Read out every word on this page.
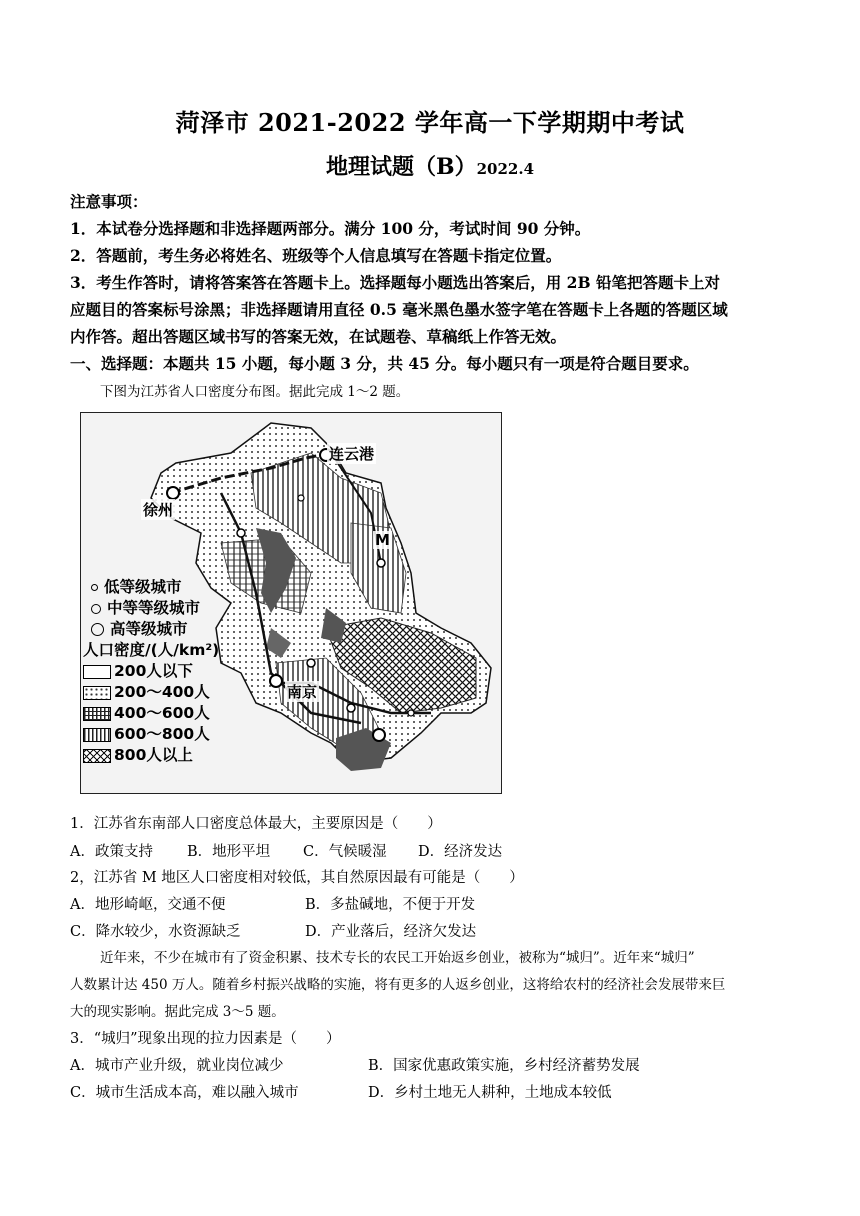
菏泽市 2021-2022 学年高一下学期期中考试
地理试题（B）2022.4
注意事项：
1．本试卷分选择题和非选择题两部分。满分 100 分，考试时间 90 分钟。
2．答题前，考生务必将姓名、班级等个人信息填写在答题卡指定位置。
3．考生作答时，请将答案答在答题卡上。选择题每小题选出答案后，用 2B 铅笔把答题卡上对
应题目的答案标号涂黑；非选择题请用直径 0.5 毫米黑色墨水签字笔在答题卡上各题的答题区域
内作答。超出答题区域书写的答案无效，在试题卷、草稿纸上作答无效。
一、选择题：本题共 15 小题，每小题 3 分，共 45 分。每小题只有一项是符合题目要求。
下图为江苏省人口密度分布图。据此完成 1～2 题。
连云港
徐州
M
南京
低等级城市
中等等级城市
高等级城市
人口密度/(人/km²)
200人以下
200～400人
400～600人
600～800人
800人以上
1．江苏省东南部人口密度总体最大，主要原因是（　　）
A．政策支持 B．地形平坦 C．气候暖湿 D．经济发达
2，江苏省 M 地区人口密度相对较低，其自然原因最有可能是（　　）
A．地形崎岖，交通不便	B．多盐碱地，不便于开发
C．降水较少，水资源缺乏	D．产业落后，经济欠发达
近年来，不少在城市有了资金积累、技术专长的农民工开始返乡创业，被称为“城归”。近年来“城归”
人数累计达 450 万人。随着乡村振兴战略的实施，将有更多的人返乡创业，这将给农村的经济社会发展带来巨
大的现实影响。据此完成 3～5 题。
3．“城归”现象出现的拉力因素是（　　）
A．城市产业升级，就业岗位减少	B．国家优惠政策实施，乡村经济蓄势发展
C．城市生活成本高，难以融入城市	D．乡村土地无人耕种，土地成本较低
